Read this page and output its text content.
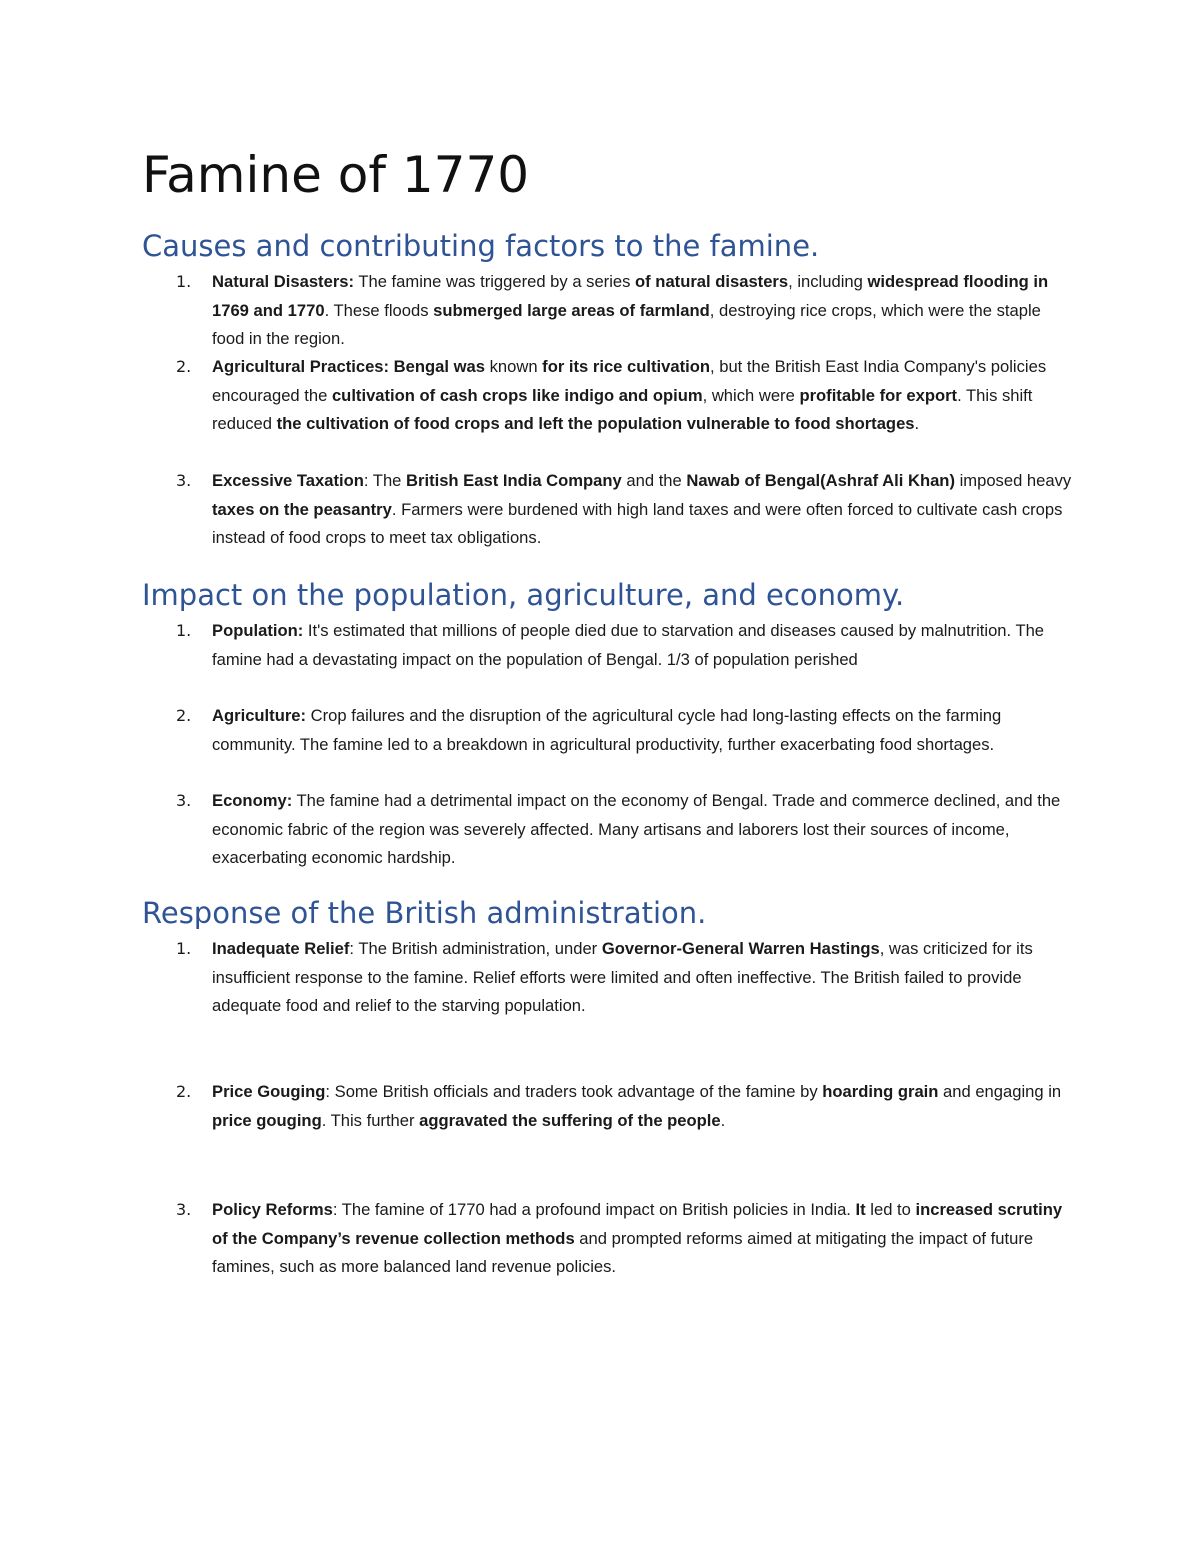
Famine of 1770
Causes and contributing factors to the famine.
1. Natural Disasters: The famine was triggered by a series of natural disasters, including widespread flooding in 1769 and 1770. These floods submerged large areas of farmland, destroying rice crops, which were the staple food in the region.

2. Agricultural Practices: Bengal was known for its rice cultivation, but the British East India Company's policies encouraged the cultivation of cash crops like indigo and opium, which were profitable for export. This shift reduced the cultivation of food crops and left the population vulnerable to food shortages.

3. Excessive Taxation: The British East India Company and the Nawab of Bengal(Ashraf Ali Khan) imposed heavy taxes on the peasantry. Farmers were burdened with high land taxes and were often forced to cultivate cash crops instead of food crops to meet tax obligations.

Impact on the population, agriculture, and economy.
1. Population: It's estimated that millions of people died due to starvation and diseases caused by malnutrition. The famine had a devastating impact on the population of Bengal. 1/3 of population perished

2. Agriculture: Crop failures and the disruption of the agricultural cycle had long-lasting effects on the farming community. The famine led to a breakdown in agricultural productivity, further exacerbating food shortages.

3. Economy: The famine had a detrimental impact on the economy of Bengal. Trade and commerce declined, and the economic fabric of the region was severely affected. Many artisans and laborers lost their sources of income, exacerbating economic hardship.

Response of the British administration.
1. Inadequate Relief: The British administration, under Governor-General Warren Hastings, was criticized for its insufficient response to the famine. Relief efforts were limited and often ineffective. The British failed to provide adequate food and relief to the starving population.

2. Price Gouging: Some British officials and traders took advantage of the famine by hoarding grain and engaging in price gouging. This further aggravated the suffering of the people.

3. Policy Reforms: The famine of 1770 had a profound impact on British policies in India. It led to increased scrutiny of the Company’s revenue collection methods and prompted reforms aimed at mitigating the impact of future famines, such as more balanced land revenue policies.
